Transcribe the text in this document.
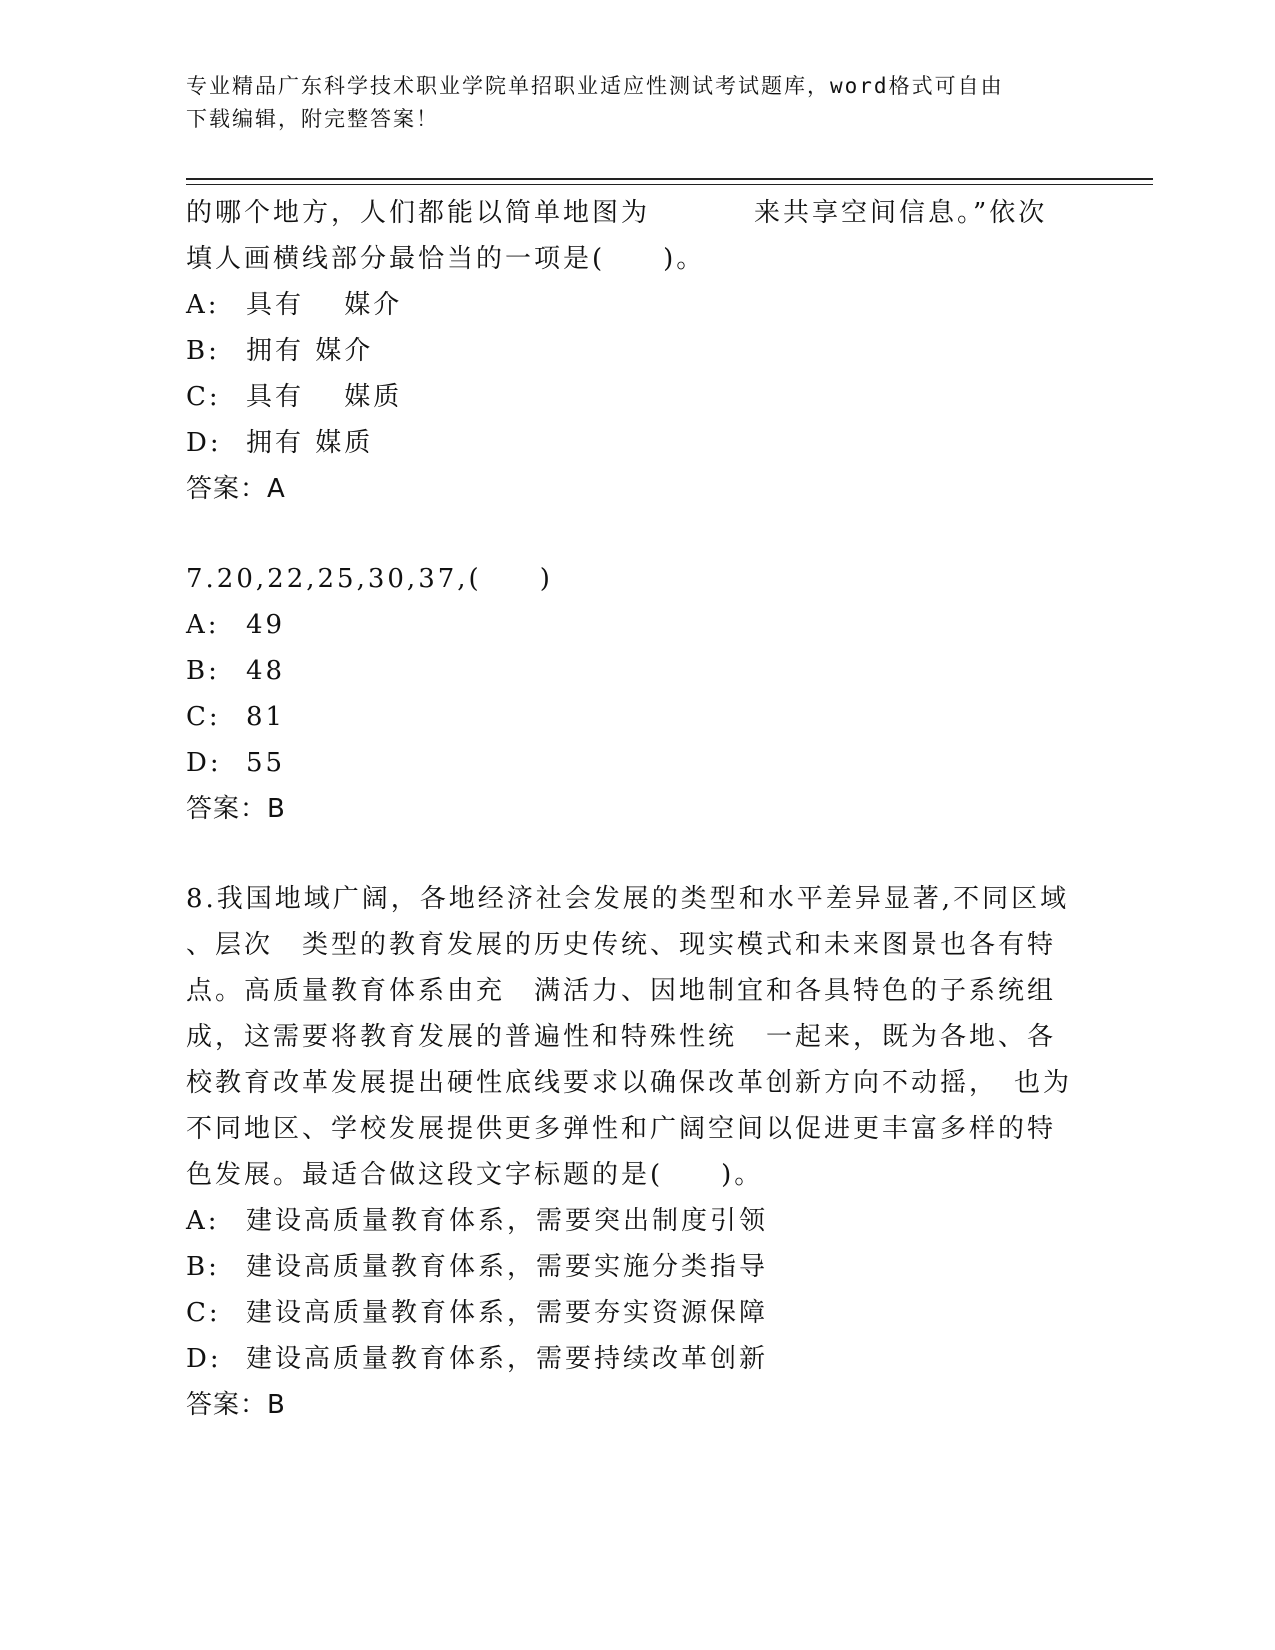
专业精品广东科学技术职业学院单招职业适应性测试考试题库，word格式可自由
下载编辑，附完整答案！
的哪个地方，人们都能以简单地图为	来共享空间信息。”依次
填人画横线部分最恰当的一项是(　　)。
A: 具有　 媒介
B: 拥有 媒介
C: 具有　 媒质
D: 拥有 媒质
答案：A
7.20,22,25,30,37,(　　)
A: 49
B: 48
C: 81
D: 55
答案：B
8.我国地域广阔，各地经济社会发展的类型和水平差异显著,不同区域
、层次　类型的教育发展的历史传统、现实模式和未来图景也各有特
点。高质量教育体系由充　满活力、因地制宜和各具特色的子系统组
成，这需要将教育发展的普遍性和特殊性统　一起来，既为各地、各
校教育改革发展提出硬性底线要求以确保改革创新方向不动摇，　也为
不同地区、学校发展提供更多弹性和广阔空间以促进更丰富多样的特
色发展。最适合做这段文字标题的是(　　)。
A: 建设高质量教育体系，需要突出制度引领
B: 建设高质量教育体系，需要实施分类指导
C: 建设高质量教育体系，需要夯实资源保障
D: 建设高质量教育体系，需要持续改革创新
答案：B
